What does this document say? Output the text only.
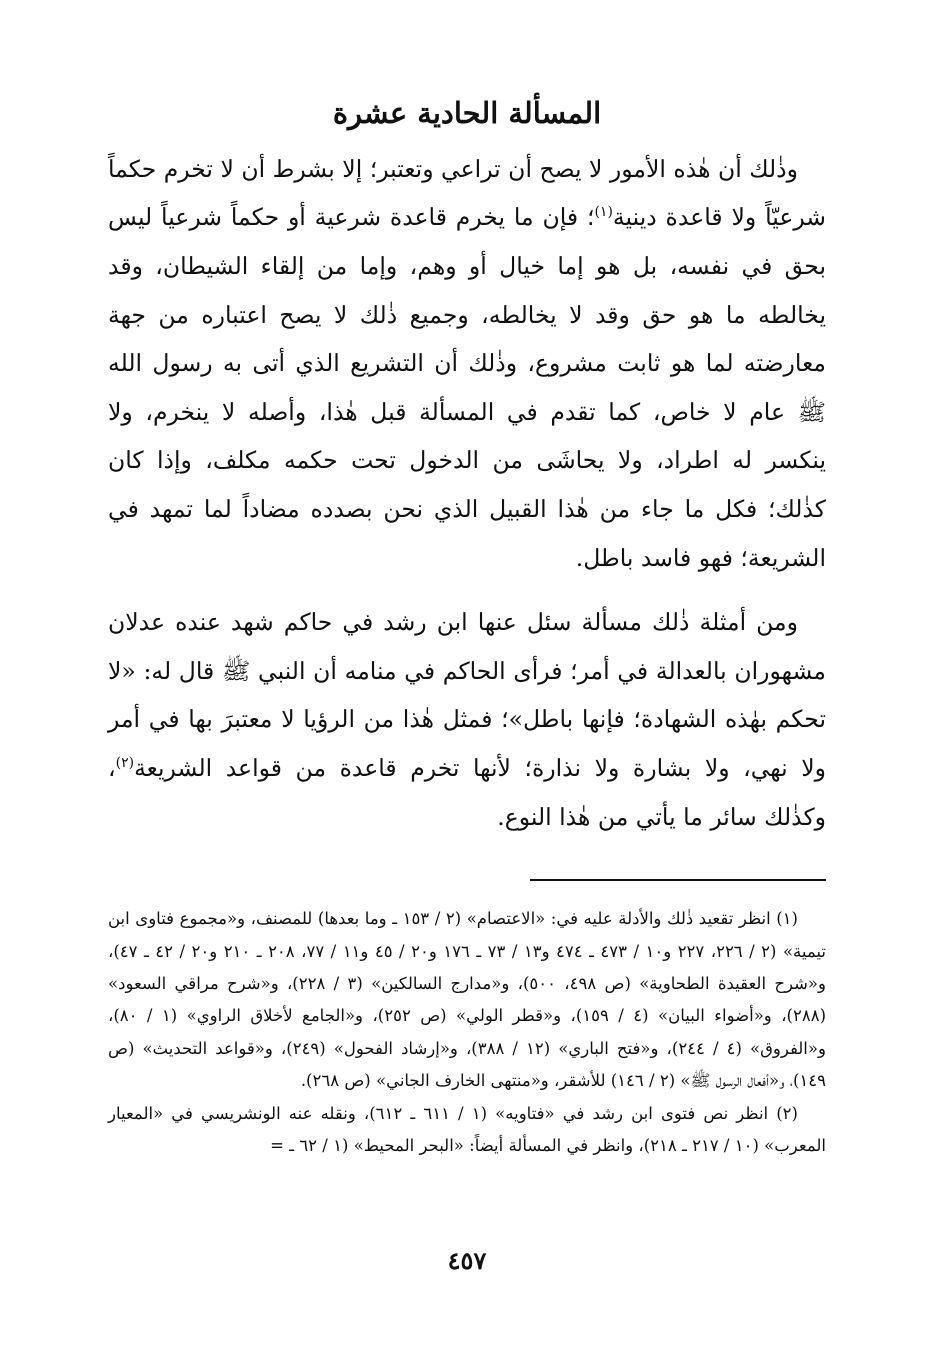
المسألة الحادية عشرة

وذٰلك أن هٰذه الأمور لا يصح أن تراعي وتعتبر؛ إلا بشرط أن لا تخرم حكماً شرعيّاً ولا قاعدة دينية$^{(١)}$؛ فإن ما يخرم قاعدة شرعية أو حكماً شرعياً ليس بحق في نفسه، بل هو إما خيال أو وهم، وإما من إلقاء الشيطان، وقد يخالطه ما هو حق وقد لا يخالطه، وجميع ذٰلك لا يصح اعتباره من جهة معارضته لما هو ثابت مشروع، وذٰلك أن التشريع الذي أتى به رسول الله ﷺ عام لا خاص، كما تقدم في المسألة قبل هٰذا، وأصله لا ينخرم، ولا ينكسر له اطراد، ولا يحاشَى من الدخول تحت حكمه مكلف، وإذا كان كذٰلك؛ فكل ما جاء من هٰذا القبيل الذي نحن بصدده مضاداً لما تمهد في الشريعة؛ فهو فاسد باطل.

ومن أمثلة ذٰلك مسألة سئل عنها ابن رشد في حاكم شهد عنده عدلان مشهوران بالعدالة في أمر؛ فرأى الحاكم في منامه أن النبي ﷺ قال له: «لا تحكم بهٰذه الشهادة؛ فإنها باطل»؛ فمثل هٰذا من الرؤيا لا معتبرَ بها في أمر ولا نهي، ولا بشارة ولا نذارة؛ لأنها تخرم قاعدة من قواعد الشريعة$^{(٢)}$، وكذٰلك سائر ما يأتي من هٰذا النوع.

(١) انظر تقعيد ذٰلك والأدلة عليه في: «الاعتصام» (٢ / ١٥٣ ـ وما بعدها) للمصنف، و«مجموع فتاوى ابن تيمية» (٢ / ٢٢٦، ٢٢٧ و١٠ / ٤٧٣ ـ ٤٧٤ و١٣ / ٧٣ ـ ١٧٦ و٢٠ / ٤٥ و١١ / ٧٧، ٢٠٨ ـ ٢١٠ و٢٠ / ٤٢ ـ ٤٧)، و«شرح العقيدة الطحاوية» (ص ٤٩٨، ٥٠٠)، و«مدارج السالكين» (٣ / ٢٢٨)، و«شرح مراقي السعود» (٢٨٨)، و«أضواء البيان» (٤ / ١٥٩)، و«قطر الولي» (ص ٢٥٢)، و«الجامع لأخلاق الراوي» (١ / ٨٠)، و«الفروق» (٤ / ٢٤٤)، و«فتح الباري» (١٢ / ٣٨٨)، و«إرشاد الفحول» (٢٤٩)، و«قواعد التحديث» (ص ١٤٩)، و«أفعال الرسول ﷺ» (٢ / ١٤٦) للأشقر، و«منتهى الخارف الجاني» (ص ٢٦٨).

(٢) انظر نص فتوى ابن رشد في «فتاويه» (١ / ٦١١ ـ ٦١٢)، ونقله عنه الونشريسي في «المعيار المعرب» (١٠ / ٢١٧ ـ ٢١٨)، وانظر في المسألة أيضاً: «البحر المحيط» (١ / ٦٢ ـ =

٤٥٧
